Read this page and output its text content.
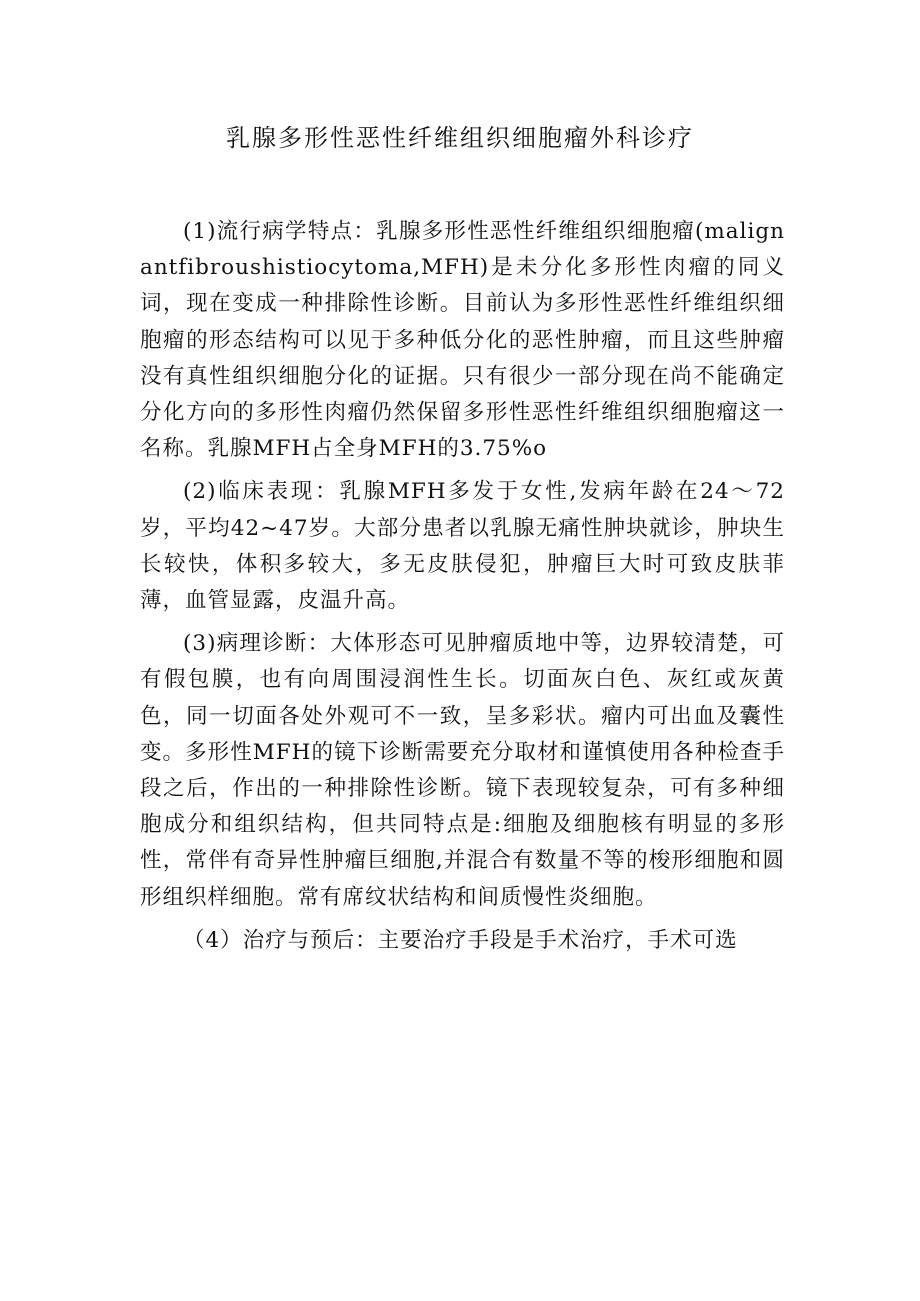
乳腺多形性恶性纤维组织细胞瘤外科诊疗

(1)流行病学特点：乳腺多形性恶性纤维组织细胞瘤(malignantfibroushistiocytoma,MFH)是未分化多形性肉瘤的同义词，现在变成一种排除性诊断。目前认为多形性恶性纤维组织细胞瘤的形态结构可以见于多种低分化的恶性肿瘤，而且这些肿瘤没有真性组织细胞分化的证据。只有很少一部分现在尚不能确定分化方向的多形性肉瘤仍然保留多形性恶性纤维组织细胞瘤这一名称。乳腺MFH占全身MFH的3.75%o

(2)临床表现：乳腺MFH多发于女性,发病年龄在24～72岁，平均42~47岁。大部分患者以乳腺无痛性肿块就诊，肿块生长较快，体积多较大，多无皮肤侵犯，肿瘤巨大时可致皮肤菲薄，血管显露，皮温升高。

(3)病理诊断：大体形态可见肿瘤质地中等，边界较清楚，可有假包膜，也有向周围浸润性生长。切面灰白色、灰红或灰黄色，同一切面各处外观可不一致，呈多彩状。瘤内可出血及囊性变。多形性MFH的镜下诊断需要充分取材和谨慎使用各种检查手段之后，作出的一种排除性诊断。镜下表现较复杂，可有多种细胞成分和组织结构，但共同特点是:细胞及细胞核有明显的多形性，常伴有奇异性肿瘤巨细胞,并混合有数量不等的梭形细胞和圆形组织样细胞。常有席纹状结构和间质慢性炎细胞。

（4）治疗与预后：主要治疗手段是手术治疗，手术可选
